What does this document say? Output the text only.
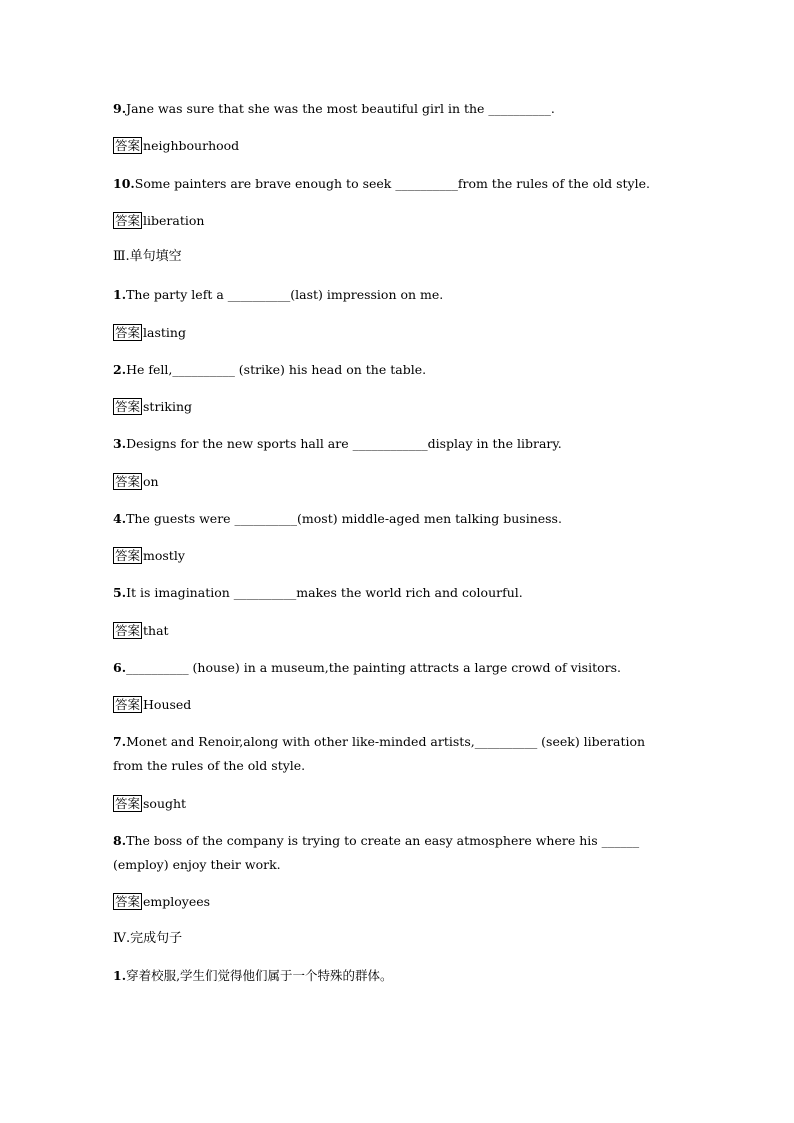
9.Jane was sure that she was the most beautiful girl in the __________.
答案 neighbourhood
10.Some painters are brave enough to seek __________from the rules of the old style.
答案 liberation
Ⅲ.单句填空
1.The party left a __________(last) impression on me.
答案 lasting
2.He fell,__________ (strike) his head on the table.
答案 striking
3.Designs for the new sports hall are ____________display in the library.
答案 on
4.The guests were __________(most) middle-aged men talking business.
答案 mostly
5.It is imagination __________makes the world rich and colourful.
答案 that
6.__________ (house) in a museum,the painting attracts a large crowd of visitors.
答案 Housed
7.Monet and Renoir,along with other like-minded artists,__________ (seek) liberation
from the rules of the old style.
答案 sought
8.The boss of the company is trying to create an easy atmosphere where his ______
(employ) enjoy their work.
答案 employees
Ⅳ.完成句子
1.穿着校服,学生们觉得他们属于一个特殊的群体。
